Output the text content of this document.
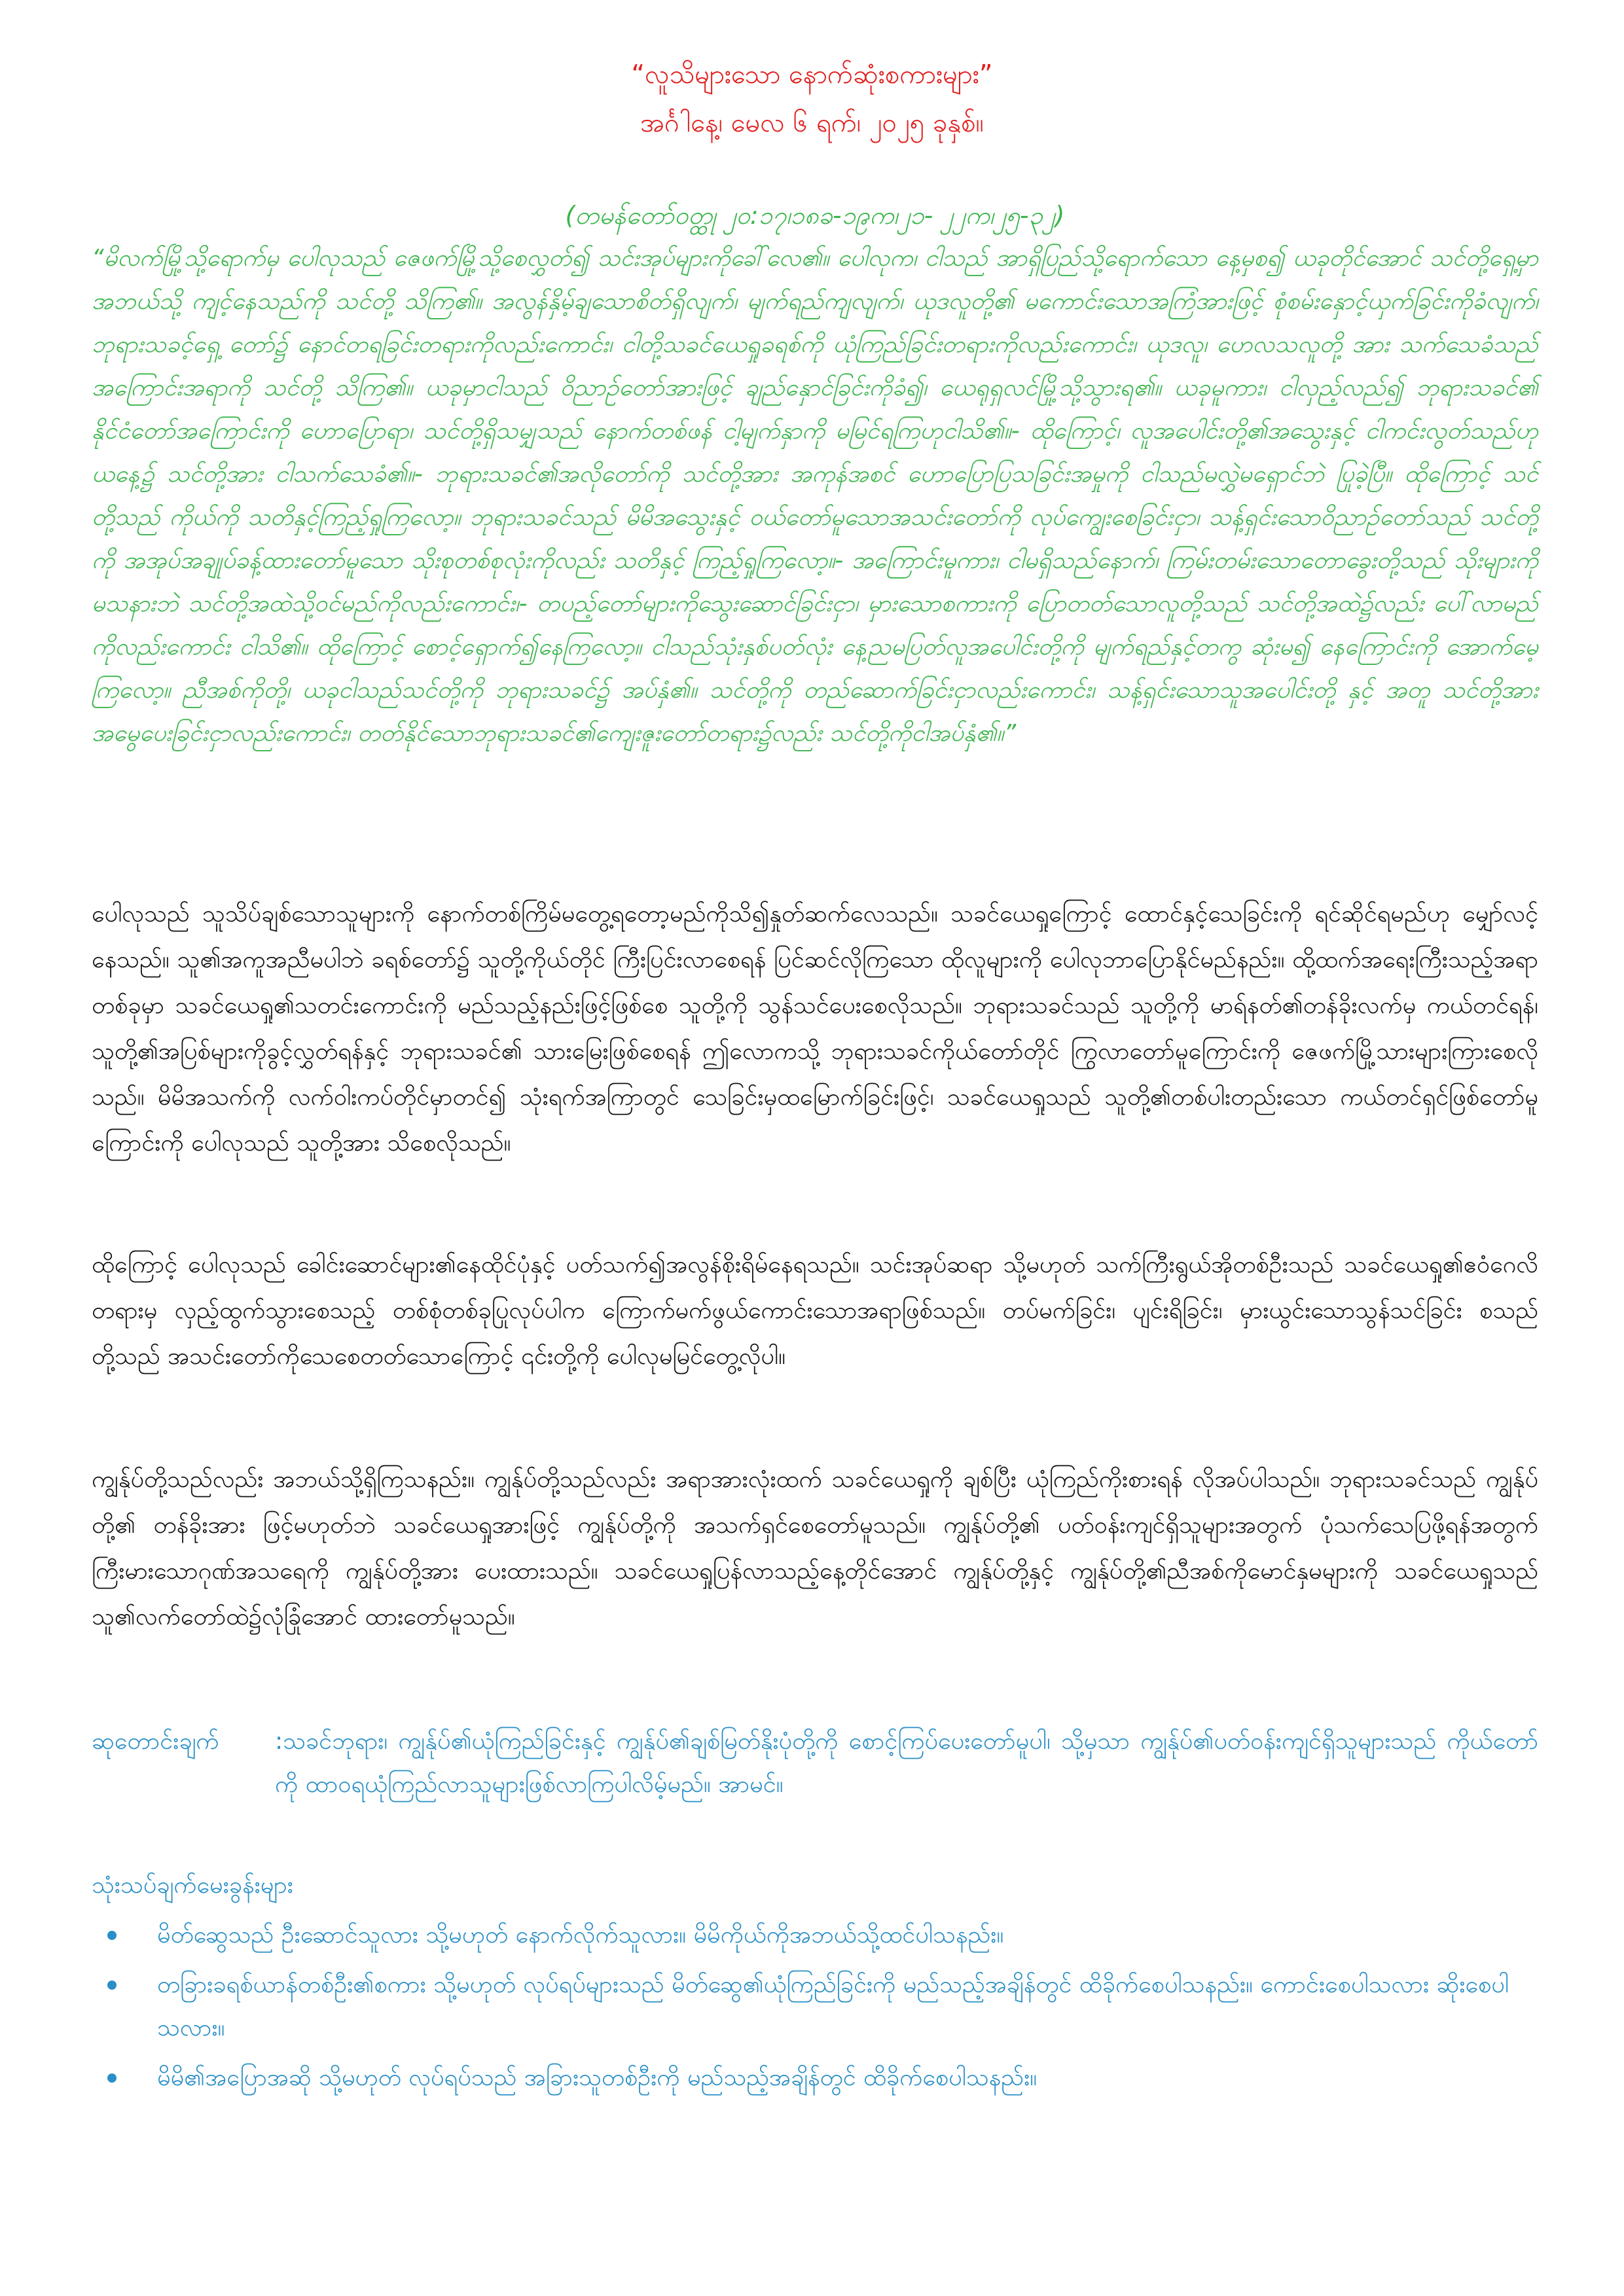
“လူသိများသော နောက်ဆုံးစကားများ”
အင်္ဂါနေ့၊ မေလ ၆ ရက်၊ ၂၀၂၅ ခုနှစ်။
(တမန်တော်ဝတ္ထု ၂၀:၁၇၊၁၈ခ-၁၉က၊၂၁- ၂၂က၊၂၅-၃၂)

“မိလက်မြို့သို့ရောက်မှ ပေါလုသည် ဇေဖက်မြို့သို့စေလွှတ်၍ သင်းအုပ်များကိုခေါ်လေ၏။ ပေါလုက၊ ငါသည် အာရှိပြည်သို့ရောက်သော နေ့မှစ၍ ယခုတိုင်အောင် သင်တို့ရှေ့မှာ အဘယ်သို့ ကျင့်နေသည်ကို သင်တို့ သိကြ၏။ အလွန်နှိမ့်ချသောစိတ်ရှိလျက်၊ မျက်ရည်ကျလျက်၊ ယုဒလူတို့၏ မကောင်းသောအကြံအားဖြင့် စုံစမ်းနှောင့်ယှက်ခြင်းကိုခံလျက်၊ ဘုရားသခင့်ရှေ့ တော်၌ နောင်တရခြင်းတရားကိုလည်းကောင်း၊ ငါတို့သခင်ယေရှုခရစ်ကို ယုံကြည်ခြင်းတရားကိုလည်းကောင်း၊ ယုဒလူ၊ ဟေလသလူတို့ အား သက်သေခံသည် အကြောင်းအရာကို သင်တို့ သိကြ၏။ ယခုမှာငါသည် ဝိညာဉ်တော်အားဖြင့် ချည်နှောင်ခြင်းကိုခံ၍၊ ယေရုရှလင်မြို့သို့သွားရ၏။ ယခုမူကား၊ ငါလှည့်လည်၍ ဘုရားသခင်၏ နိုင်ငံတော်အကြောင်းကို ဟောပြောရာ၊ သင်တို့ရှိသမျှသည် နောက်တစ်ဖန် ငါ့မျက်နှာကို မမြင်ရကြဟုငါသိ၏။- ထိုကြောင့်၊ လူအပေါင်းတို့၏အသွေးနှင့် ငါကင်းလွတ်သည်ဟု ယနေ့၌ သင်တို့အား ငါသက်သေခံ၏။- ဘုရားသခင်၏အလိုတော်ကို သင်တို့အား အကုန်အစင် ဟောပြောပြသခြင်းအမှုကို ငါသည်မလွှဲမရှောင်ဘဲ ပြုခဲ့ပြီ။ ထိုကြောင့် သင်တို့သည် ကိုယ်ကို သတိနှင့်ကြည့်ရှုကြလော့။ ဘုရားသခင်သည် မိမိအသွေးနှင့် ဝယ်တော်မူသောအသင်းတော်ကို လုပ်ကျွေးစေခြင်းငှာ၊ သန့်ရှင်းသောဝိညာဉ်တော်သည် သင်တို့ကို အအုပ်အချုပ်ခန့်ထားတော်မူသော သိုးစုတစ်စုလုံးကိုလည်း သတိနှင့် ကြည့်ရှုကြလော့။- အကြောင်းမူကား၊ ငါမရှိသည်နောက်၊ ကြမ်းတမ်းသောတောခွေးတို့သည် သိုးများကို မသနားဘဲ သင်တို့အထဲသို့ဝင်မည်ကိုလည်းကောင်း၊- တပည့်တော်များကိုသွေးဆောင်ခြင်းငှာ၊ မှားသောစကားကို ပြောတတ်သောလူတို့သည် သင်တို့အထဲ၌လည်း ပေါ်လာမည်ကိုလည်းကောင်း ငါသိ၏။ ထိုကြောင့် စောင့်ရှောက်၍နေကြလော့။ ငါသည်သုံးနှစ်ပတ်လုံး နေ့ညမပြတ်လူအပေါင်းတို့ကို မျက်ရည်နှင့်တကွ ဆုံးမ၍ နေကြောင်းကို အောက်မေ့ကြလော့။ ညီအစ်ကိုတို့၊ ယခုငါသည်သင်တို့ကို ဘုရားသခင်၌ အပ်နှံ၏။ သင်တို့ကို တည်ဆောက်ခြင်းငှာလည်းကောင်း၊ သန့်ရှင်းသောသူအပေါင်းတို့ နှင့် အတူ သင်တို့အား အမွေပေးခြင်းငှာလည်းကောင်း၊ တတ်နိုင်သောဘုရားသခင်၏ကျေးဇူးတော်တရား၌လည်း သင်တို့ကိုငါအပ်နှံ၏။”

ပေါလုသည် သူသိပ်ချစ်သောသူများကို နောက်တစ်ကြိမ်မတွေ့ရတော့မည်ကိုသိ၍နှုတ်ဆက်လေသည်။ သခင်ယေရှုကြောင့် ထောင်နှင့်သေခြင်းကို ရင်ဆိုင်ရမည်ဟု မျှော်လင့်နေသည်။ သူ၏အကူအညီမပါဘဲ ခရစ်တော်၌ သူတို့ကိုယ်တိုင် ကြီးပြင်းလာစေရန် ပြင်ဆင်လိုကြသော ထိုလူများကို ပေါလုဘာပြောနိုင်မည်နည်း။ ထို့ထက်အရေးကြီးသည့်အရာတစ်ခုမှာ သခင်ယေရှု၏သတင်းကောင်းကို မည်သည့်နည်းဖြင့်ဖြစ်စေ သူတို့ကို သွန်သင်ပေးစေလိုသည်။ ဘုရားသခင်သည် သူတို့ကို မာရ်နတ်၏တန်ခိုးလက်မှ ကယ်တင်ရန်၊ သူတို့၏အပြစ်များကိုခွင့်လွှတ်ရန်နှင့် ဘုရားသခင်၏ သားမြေးဖြစ်စေရန် ဤလောကသို့ ဘုရားသခင်ကိုယ်တော်တိုင် ကြွလာတော်မူကြောင်းကို ဇေဖက်မြို့သားများကြားစေလိုသည်။ မိမိအသက်ကို လက်ဝါးကပ်တိုင်မှာတင်၍ သုံးရက်အကြာတွင် သေခြင်းမှထမြောက်ခြင်းဖြင့်၊ သခင်ယေရှုသည် သူတို့၏တစ်ပါးတည်းသော ကယ်တင်ရှင်ဖြစ်တော်မူကြောင်းကို ပေါလုသည် သူတို့အား သိစေလိုသည်။

ထိုကြောင့် ပေါလုသည် ခေါင်းဆောင်များ၏နေထိုင်ပုံနှင့် ပတ်သက်၍အလွန်စိုးရိမ်နေရသည်။ သင်းအုပ်ဆရာ သို့မဟုတ် သက်ကြီးရွယ်အိုတစ်ဦးသည် သခင်ယေရှု၏ဧဝံဂေလိတရားမှ လှည့်ထွက်သွားစေသည့် တစ်စုံတစ်ခုပြုလုပ်ပါက ကြောက်မက်ဖွယ်ကောင်းသောအရာဖြစ်သည်။ တပ်မက်ခြင်း၊ ပျင်းရိခြင်း၊ မှားယွင်းသောသွန်သင်ခြင်း စသည်တို့သည် အသင်းတော်ကိုသေစေတတ်သောကြောင့် ၎င်းတို့ကို ပေါလုမမြင်တွေ့လိုပါ။

ကျွန်ုပ်တို့သည်လည်း အဘယ်သို့ရှိကြသနည်း။ ကျွန်ုပ်တို့သည်လည်း အရာအားလုံးထက် သခင်ယေရှုကို ချစ်ပြီး ယုံကြည်ကိုးစားရန် လိုအပ်ပါသည်။ ဘုရားသခင်သည် ကျွန်ုပ်တို့၏ တန်ခိုးအား ဖြင့်မဟုတ်ဘဲ သခင်ယေရှုအားဖြင့် ကျွန်ုပ်တို့ကို အသက်ရှင်စေတော်မူသည်။ ကျွန်ုပ်တို့၏ ပတ်ဝန်းကျင်ရှိသူများအတွက် ပုံသက်သေပြဖို့ရန်အတွက် ကြီးမားသောဂုဏ်အသရေကို ကျွန်ုပ်တို့အား ပေးထားသည်။ သခင်ယေရှုပြန်လာသည့်နေ့တိုင်အောင် ကျွန်ုပ်တို့နှင့် ကျွန်ုပ်တို့၏ညီအစ်ကိုမောင်နှမများကို သခင်ယေရှုသည် သူ၏လက်တော်ထဲ၌လုံခြုံအောင် ထားတော်မူသည်။

ဆုတောင်းချက်	:သခင်ဘုရား၊ ကျွန်ုပ်၏ယုံကြည်ခြင်းနှင့် ကျွန်ုပ်၏ချစ်မြတ်နိုးပုံတို့ကို စောင့်ကြပ်ပေးတော်မူပါ၊ သို့မှသာ ကျွန်ုပ်၏ပတ်ဝန်းကျင်ရှိသူများသည် ကိုယ်တော်ကို ထာဝရယုံကြည်လာသူများဖြစ်လာကြပါလိမ့်မည်။ အာမင်။
သုံးသပ်ချက်မေးခွန်းများ
မိတ်ဆွေသည် ဦးဆောင်သူလား သို့မဟုတ် နောက်လိုက်သူလား။ မိမိကိုယ်ကိုအဘယ်သို့ထင်ပါသနည်း။
တခြားခရစ်ယာန်တစ်ဦး၏စကား သို့မဟုတ် လုပ်ရပ်များသည် မိတ်ဆွေ၏ယုံကြည်ခြင်းကို မည်သည့်အချိန်တွင် ထိခိုက်စေပါသနည်း။ ကောင်းစေပါသလား ဆိုးစေပါသလား။
မိမိ၏အပြောအဆို သို့မဟုတ် လုပ်ရပ်သည် အခြားသူတစ်ဦးကို မည်သည့်အချိန်တွင် ထိခိုက်စေပါသနည်း။
